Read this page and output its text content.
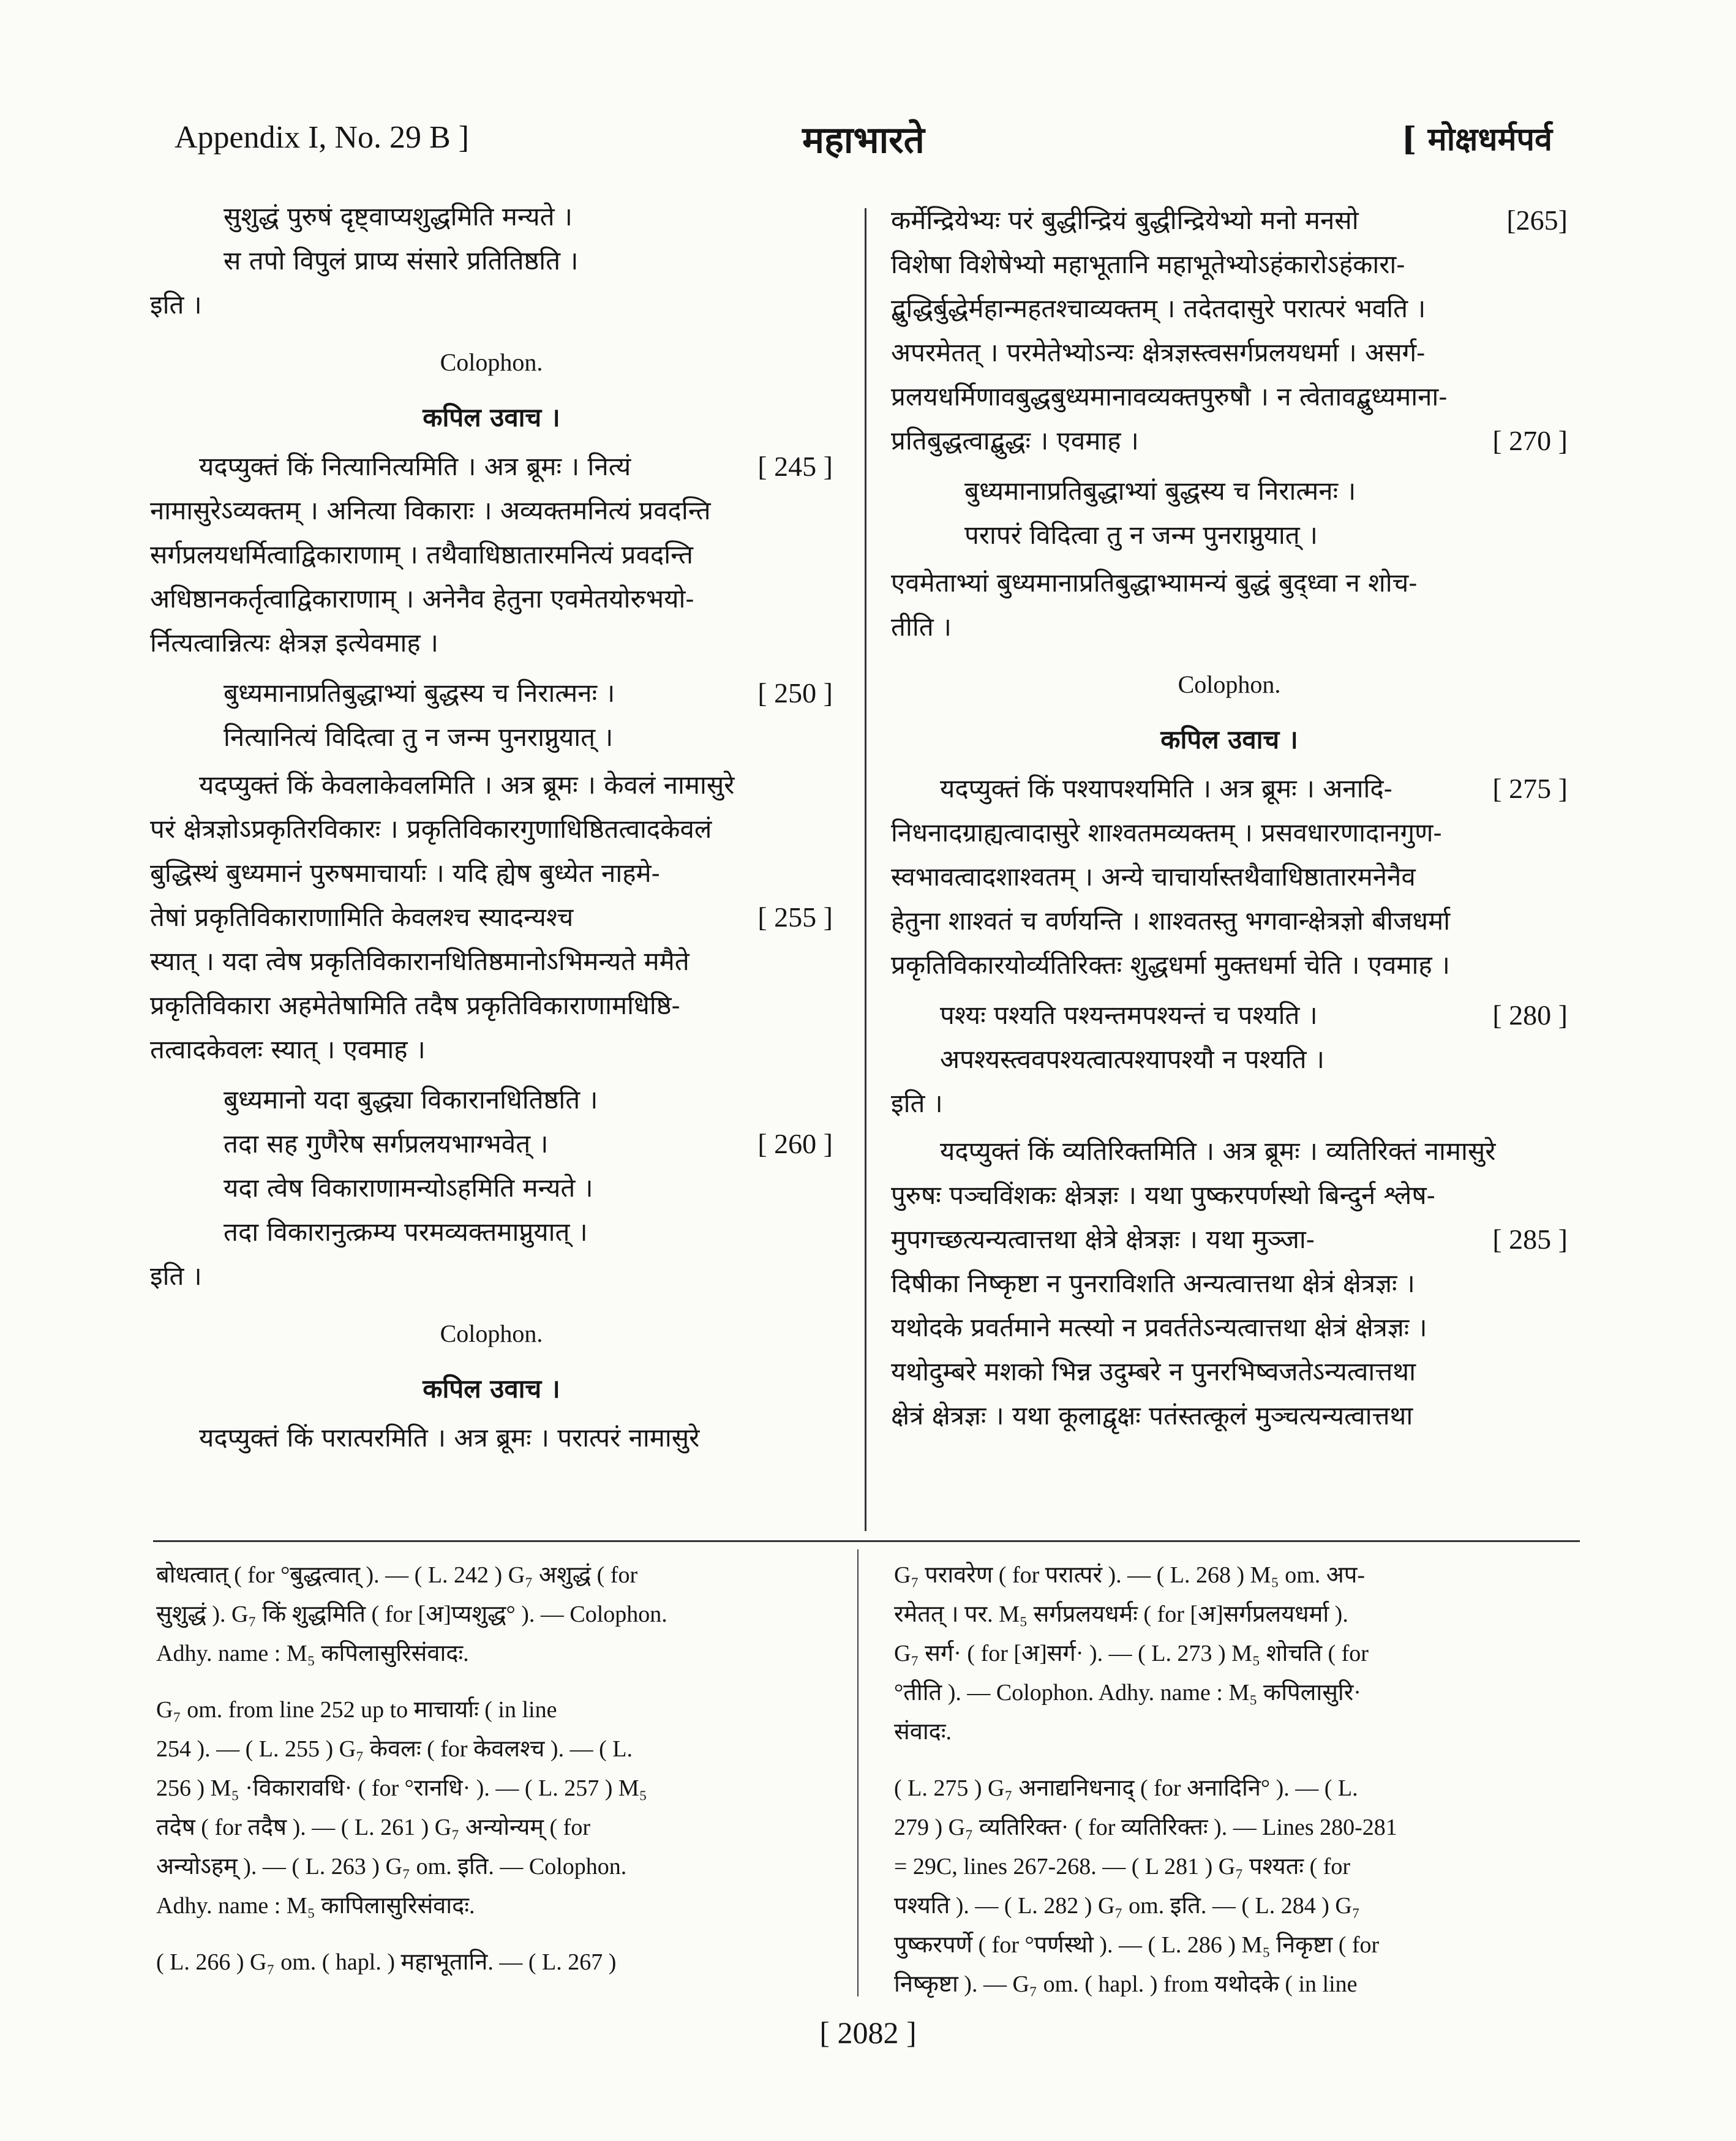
Appendix I, No. 29 B ]	महाभारते	[ मोक्षधर्मपर्व
सुशुद्धं पुरुषं दृष्ट्वाप्यशुद्धमिति मन्यते ।
स तपो विपुलं प्राप्य संसारे प्रतितिष्ठति ।
इति ।
Colophon.
कपिल उवाच ।
यदप्युक्तं किं नित्यानित्यमिति । अत्र ब्रूमः । नित्यं	[ 245 ]
नामासुरेऽव्यक्तम् । अनित्या विकाराः । अव्यक्तमनित्यं प्रवदन्ति
सर्गप्रलयधर्मित्वाद्विकाराणाम् । तथैवाधिष्ठातारमनित्यं प्रवदन्ति
अधिष्ठानकर्तृत्वाद्विकाराणाम् । अनेनैव हेतुना एवमेतयोरुभयो-
र्नित्यत्वान्नित्यः क्षेत्रज्ञ इत्येवमाह ।
बुध्यमानाप्रतिबुद्धाभ्यां बुद्धस्य च निरात्मनः ।	[ 250 ]
नित्यानित्यं विदित्वा तु न जन्म पुनराप्नुयात् ।
यदप्युक्तं किं केवलाकेवलमिति । अत्र ब्रूमः । केवलं नामासुरे
परं क्षेत्रज्ञोऽप्रकृतिरविकारः । प्रकृतिविकारगुणाधिष्ठितत्वादकेवलं
बुद्धिस्थं बुध्यमानं पुरुषमाचार्याः । यदि ह्येष बुध्येत नाहमे-
तेषां प्रकृतिविकाराणामिति केवलश्च स्यादन्यश्च	[ 255 ]
स्यात् । यदा त्वेष प्रकृतिविकारानधितिष्ठमानोऽभिमन्यते ममैते
प्रकृतिविकारा अहमेतेषामिति तदैष प्रकृतिविकाराणामधिष्ठि-
तत्वादकेवलः स्यात् । एवमाह ।
बुध्यमानो यदा बुद्ध्या विकारानधितिष्ठति ।
तदा सह गुणैरेष सर्गप्रलयभाग्भवेत् ।	[ 260 ]
यदा त्वेष विकाराणामन्योऽहमिति मन्यते ।
तदा विकारानुत्क्रम्य परमव्यक्तमाप्नुयात् ।
इति ।
Colophon.
कपिल उवाच ।
यदप्युक्तं किं परात्परमिति । अत्र ब्रूमः । परात्परं नामासुरे
कर्मेन्द्रियेभ्यः परं बुद्धीन्द्रियं बुद्धीन्द्रियेभ्यो मनो मनसो	[265]
विशेषा विशेषेभ्यो महाभूतानि महाभूतेभ्योऽहंकारोऽहंकारा-
द्बुद्धिर्बुद्धेर्महान्महतश्चाव्यक्तम् । तदेतदासुरे परात्परं भवति ।
अपरमेतत् । परमेतेभ्योऽन्यः क्षेत्रज्ञस्त्वसर्गप्रलयधर्मा । असर्ग-
प्रलयधर्मिणावबुद्धबुध्यमानावव्यक्तपुरुषौ । न त्वेतावद्बुध्यमाना-
प्रतिबुद्धत्वाद्बुद्धः । एवमाह ।	[ 270 ]
बुध्यमानाप्रतिबुद्धाभ्यां बुद्धस्य च निरात्मनः ।
परापरं विदित्वा तु न जन्म पुनराप्नुयात् ।
एवमेताभ्यां बुध्यमानाप्रतिबुद्धाभ्यामन्यं बुद्धं बुद्ध्वा न शोच-
तीति ।
Colophon.
कपिल उवाच ।
यदप्युक्तं किं पश्यापश्यमिति । अत्र ब्रूमः । अनादि-	[ 275 ]
निधनादग्राह्यत्वादासुरे शाश्वतमव्यक्तम् । प्रसवधारणादानगुण-
स्वभावत्वादशाश्वतम् । अन्ये चाचार्यास्तथैवाधिष्ठातारमनेनैव
हेतुना शाश्वतं च वर्णयन्ति । शाश्वतस्तु भगवान्क्षेत्रज्ञो बीजधर्मा
प्रकृतिविकारयोर्व्यतिरिक्तः शुद्धधर्मा मुक्तधर्मा चेति । एवमाह ।
पश्यः पश्यति पश्यन्तमपश्यन्तं च पश्यति ।	[ 280 ]
अपश्यस्त्ववपश्यत्वात्पश्यापश्यौ न पश्यति ।
इति ।
यदप्युक्तं किं व्यतिरिक्तमिति । अत्र ब्रूमः । व्यतिरिक्तं नामासुरे
पुरुषः पञ्चविंशकः क्षेत्रज्ञः । यथा पुष्करपर्णस्थो बिन्दुर्न श्लेष-
मुपगच्छत्यन्यत्वात्तथा क्षेत्रे क्षेत्रज्ञः । यथा मुञ्जा-	[ 285 ]
दिषीका निष्कृष्टा न पुनराविशति अन्यत्वात्तथा क्षेत्रं क्षेत्रज्ञः ।
यथोदके प्रवर्तमाने मत्स्यो न प्रवर्ततेऽन्यत्वात्तथा क्षेत्रं क्षेत्रज्ञः ।
यथोदुम्बरे मशको भिन्न उदुम्बरे न पुनरभिष्वजतेऽन्यत्वात्तथा
क्षेत्रं क्षेत्रज्ञः । यथा कूलाद्वृक्षः पतंस्तत्कूलं मुञ्चत्यन्यत्वात्तथा
बोधत्वात् ( for °बुद्धत्वात् ). — ( L. 242 ) G₇ अशुद्धं ( for
सुशुद्धं ). G₇ किं शुद्धमिति ( for [अ]प्यशुद्ध° ). — Colophon.
Adhy. name : M₅ कपिलासुरिसंवादः.
G₇ om. from line 252 up to माचार्याः ( in line
254 ). — ( L. 255 ) G₇ केवलः ( for केवलश्च ). — ( L.
256 ) M₅ ·विकारावधि· ( for °रानधि· ). — ( L. 257 ) M₅
तदेष ( for तदैष ). — ( L. 261 ) G₇ अन्योन्यम् ( for
अन्योऽहम् ). — ( L. 263 ) G₇ om. इति. — Colophon.
Adhy. name : M₅ कापिलासुरिसंवादः.
( L. 266 ) G₇ om. ( hapl. ) महाभूतानि. — ( L. 267 )
G₇ परावरेण ( for परात्परं ). — ( L. 268 ) M₅ om. अप-
रमेतत् । पर. M₅ सर्गप्रलयधर्मः ( for [अ]सर्गप्रलयधर्मा ).
G₇ सर्ग· ( for [अ]सर्ग· ). — ( L. 273 ) M₅ शोचति ( for
°तीति ). — Colophon. Adhy. name : M₅ कपिलासुरि·
संवादः.
( L. 275 ) G₇ अनाद्यनिधनाद् ( for अनादिनि° ). — ( L.
279 ) G₇ व्यतिरिक्त· ( for व्यतिरिक्तः ). — Lines 280-281
= 29C, lines 267-268. — ( L 281 ) G₇ पश्यतः ( for
पश्यति ). — ( L. 282 ) G₇ om. इति. — ( L. 284 ) G₇
पुष्करपर्णे ( for °पर्णस्थो ). — ( L. 286 ) M₅ निकृष्टा ( for
निष्कृष्टा ). — G₇ om. ( hapl. ) from यथोदके ( in line
[ 2082 ]
